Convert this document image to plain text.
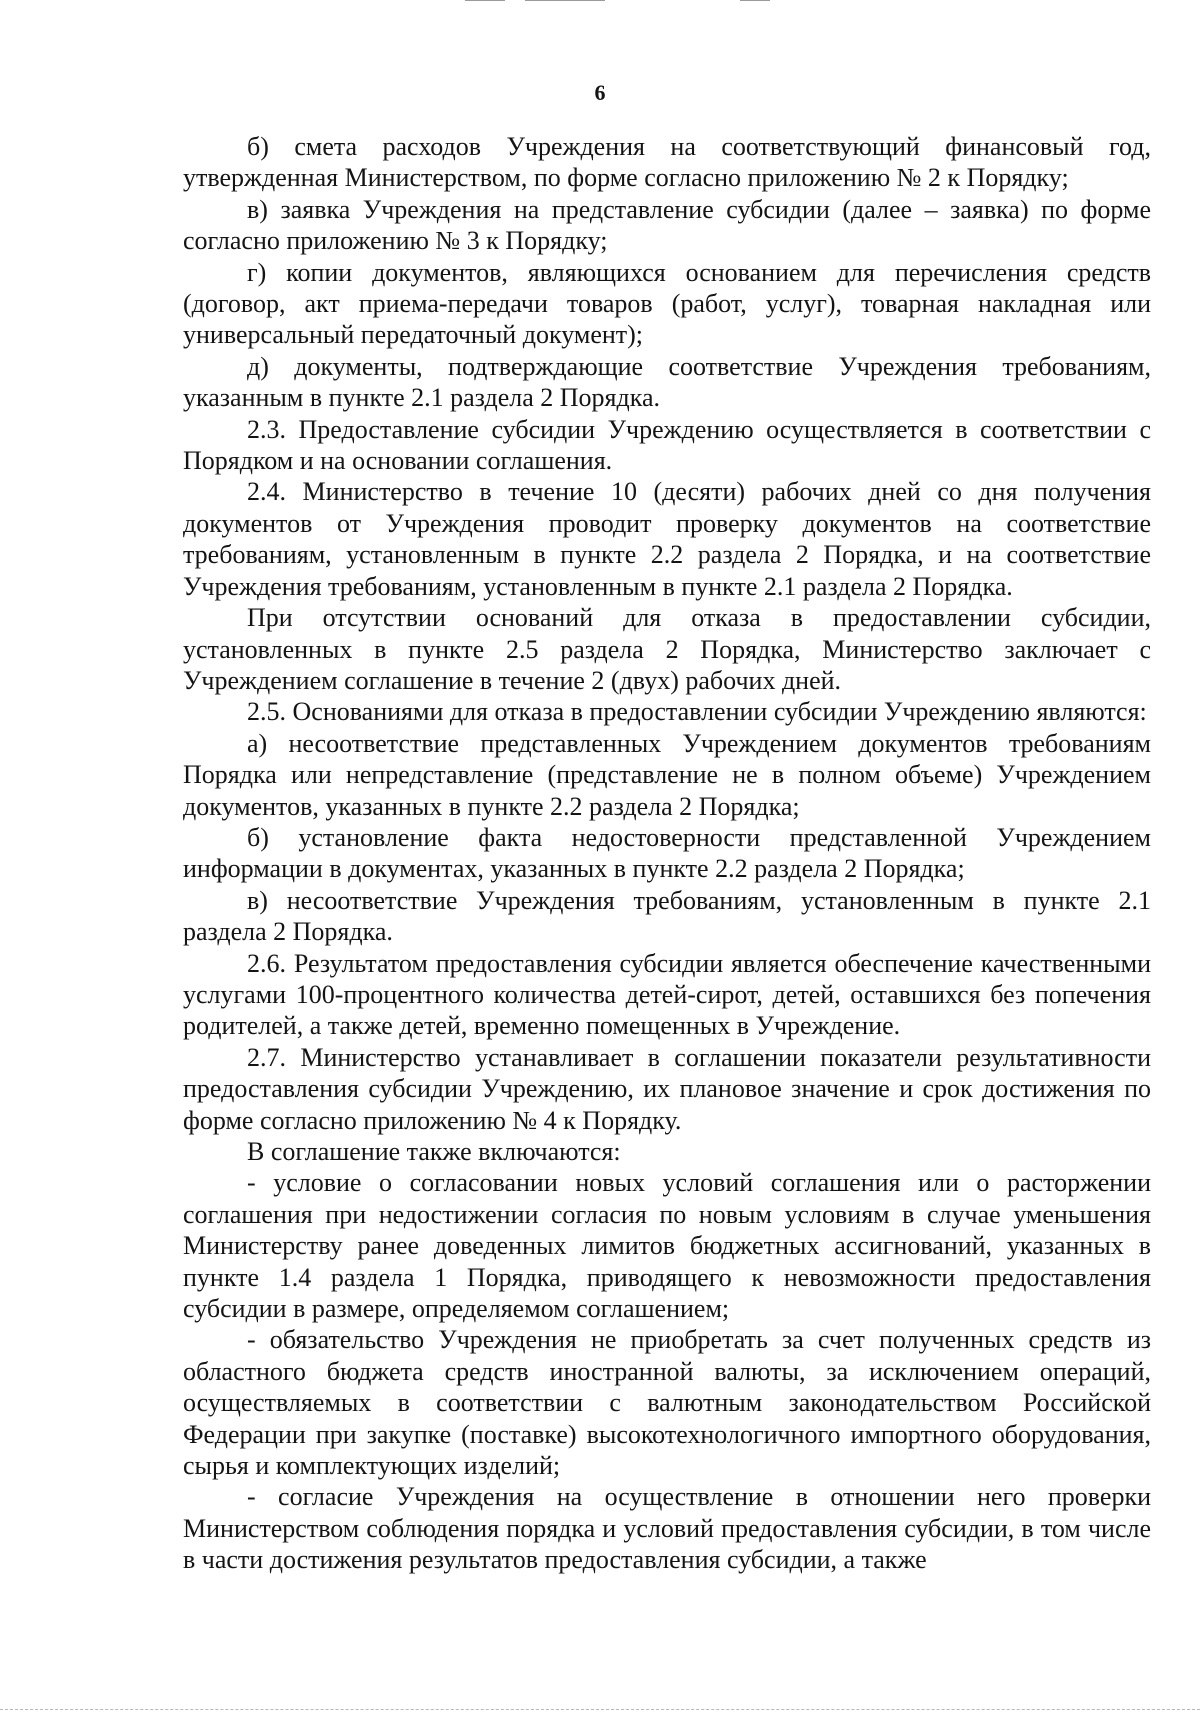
6

б) смета расходов Учреждения на соответствующий финансовый год, утвержденная Министерством, по форме согласно приложению № 2 к Порядку;

в) заявка Учреждения на представление субсидии (далее – заявка) по форме согласно приложению № 3 к Порядку;

г) копии документов, являющихся основанием для перечисления средств (договор, акт приема-передачи товаров (работ, услуг), товарная накладная или универсальный передаточный документ);

д) документы, подтверждающие соответствие Учреждения требованиям, указанным в пункте 2.1 раздела 2 Порядка.

2.3. Предоставление субсидии Учреждению осуществляется в соответствии с Порядком и на основании соглашения.

2.4. Министерство в течение 10 (десяти) рабочих дней со дня получения документов от Учреждения проводит проверку документов на соответствие требованиям, установленным в пункте 2.2 раздела 2 Порядка, и на соответствие Учреждения требованиям, установленным в пункте 2.1 раздела 2 Порядка.

При отсутствии оснований для отказа в предоставлении субсидии, установленных в пункте 2.5 раздела 2 Порядка, Министерство заключает с Учреждением соглашение в течение 2 (двух) рабочих дней.

2.5. Основаниями для отказа в предоставлении субсидии Учреждению являются:

а) несоответствие представленных Учреждением документов требованиям Порядка или непредставление (представление не в полном объеме) Учреждением документов, указанных в пункте 2.2 раздела 2 Порядка;

б) установление факта недостоверности представленной Учреждением информации в документах, указанных в пункте 2.2 раздела 2 Порядка;

в) несоответствие Учреждения требованиям, установленным в пункте 2.1 раздела 2 Порядка.

2.6. Результатом предоставления субсидии является обеспечение качественными услугами 100-процентного количества детей-сирот, детей, оставшихся без попечения родителей, а также детей, временно помещенных в Учреждение.

2.7. Министерство устанавливает в соглашении показатели результативности предоставления субсидии Учреждению, их плановое значение и срок достижения по форме согласно приложению № 4 к Порядку.

В соглашение также включаются:

- условие о согласовании новых условий соглашения или о расторжении соглашения при недостижении согласия по новым условиям в случае уменьшения Министерству ранее доведенных лимитов бюджетных ассигнований, указанных в пункте 1.4 раздела 1 Порядка, приводящего к невозможности предоставления субсидии в размере, определяемом соглашением;

- обязательство Учреждения не приобретать за счет полученных средств из областного бюджета средств иностранной валюты, за исключением операций, осуществляемых в соответствии с валютным законодательством Российской Федерации при закупке (поставке) высокотехнологичного импортного оборудования, сырья и комплектующих изделий;

- согласие Учреждения на осуществление в отношении него проверки Министерством соблюдения порядка и условий предоставления субсидии, в том числе в части достижения результатов предоставления субсидии, а также
